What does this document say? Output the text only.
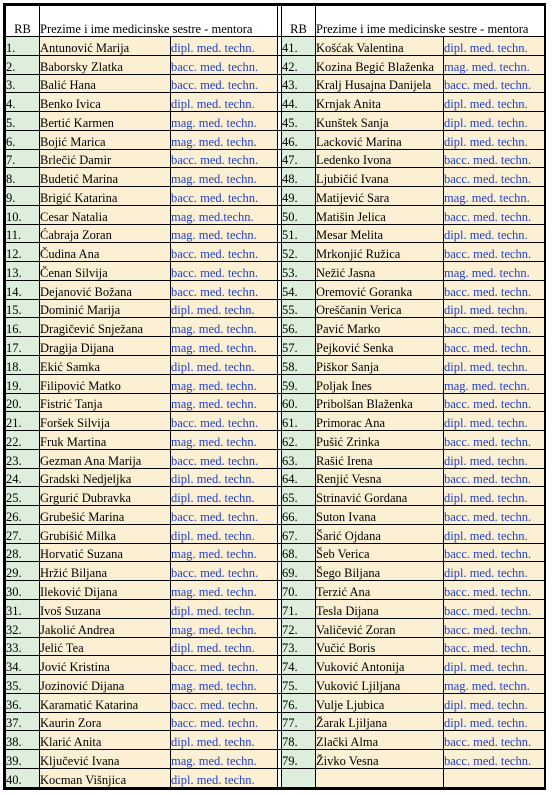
RB	Prezime i ime medicinske sestre - mentora			RB	Prezime i ime medicinske sestre - mentora	
1.	Antunović Marija	dipl. med. techn.		41.	Košćak Valentina	dipl. med. techn.
2.	Baborsky Zlatka	bacc. med. techn.		42.	Kozina Begić Blaženka	mag. med. techn.
3.	Balić Hana	bacc. med. techn.		43.	Kralj Husajna Danijela	bacc. med. techn.
4.	Benko Ivica	dipl. med. techn.		44.	Krnjak Anita	dipl. med. techn.
5.	Bertić Karmen	mag. med. techn.		45.	Kunštek Sanja	dipl. med. techn.
6.	Bojić Marica	mag. med. techn.		46.	Lacković Marina	dipl. med. techn.
7.	Brlečić Damir	bacc. med. techn.		47.	Ledenko Ivona	bacc. med. techn.
8.	Budetić Marina	mag. med. techn.		48.	Ljubičić Ivana	bacc. med. techn.
9.	Brigić Katarina	bacc. med. techn.		49.	Matijević Sara	mag. med. techn.
10.	Cesar Natalia	mag. med.techn.		50.	Matišin Jelica	bacc. med. techn.
11.	Ćabraja Zoran	mag. med. techn.		51.	Mesar Melita	dipl. med. techn.
12.	Čudina Ana	bacc. med. techn.		52.	Mrkonjić Ružica	bacc. med. techn.
13.	Čenan Silvija	bacc. med. techn.		53.	Nežić Jasna	mag. med. techn.
14.	Dejanović Božana	bacc. med. techn.		54.	Oremović Goranka	bacc. med. techn.
15.	Dominić Marija	dipl. med. techn.		55.	Oreščanin Verica	dipl. med. techn.
16.	Dragičević Snježana	mag. med. techn.		56.	Pavić Marko	bacc. med. techn.
17.	Dragija Dijana	mag. med. techn.		57.	Pejković Senka	bacc. med. techn.
18.	Ekić Samka	dipl. med. techn.		58.	Piškor Sanja	dipl. med. techn.
19.	Filipović Matko	mag. med. techn.		59.	Poljak Ines	mag. med. techn.
20.	Fistrić Tanja	mag. med. techn.		60.	Pribolšan Blaženka	bacc. med. techn.
21.	Foršek Silvija	bacc. med. techn.		61.	Primorac Ana	dipl. med. techn.
22.	Fruk Martina	mag. med. techn.		62.	Pušić Zrinka	bacc. med. techn.
23.	Gezman Ana Marija	bacc. med. techn.		63.	Rašić Irena	dipl. med. techn.
24.	Gradski Nedjeljka	dipl. med. techn.		64.	Renjić Vesna	bacc. med. techn.
25.	Grgurić Dubravka	dipl. med. techn.		65.	Strinavić Gordana	dipl. med. techn.
26.	Grubešić Marina	bacc. med. techn.		66.	Suton Ivana	bacc. med. techn.
27.	Grubišić Milka	dipl. med. techn.		67.	Šarić Ojdana	dipl. med. techn.
28.	Horvatić Suzana	mag. med. techn.		68.	Šeb Verica	bacc. med. techn.
29.	Hržić Biljana	bacc. med. techn.		69.	Šego Biljana	dipl. med. techn.
30.	Ileković Dijana	mag. med. techn.		70.	Terzić Ana	bacc. med. techn.
31.	Ivoš Suzana	dipl. med. techn.		71.	Tesla Dijana	bacc. med. techn.
32.	Jakolić Andrea	mag. med. techn.		72.	Valičević Zoran	bacc. med. techn.
33.	Jelić Tea	dipl. med. techn.		73.	Vučić Boris	bacc. med. techn.
34.	Jović Kristina	bacc. med. techn.		74.	Vuković Antonija	dipl. med. techn.
35.	Jozinović Dijana	mag. med. techn.		75.	Vuković Ljiljana	mag. med. techn.
36.	Karamatić Katarina	bacc. med. techn.		76.	Vulje Ljubica	dipl. med. techn.
37.	Kaurin Zora	bacc. med. techn.		77.	Žarak Ljiljana	dipl. med. techn.
38.	Klarić Anita	dipl. med. techn.		78.	Zlački Alma	bacc. med. techn.
39.	Ključević Ivana	mag. med. techn.		79.	Živko Vesna	bacc. med. techn.
40.	Kocman Višnjica	dipl. med. techn.				
